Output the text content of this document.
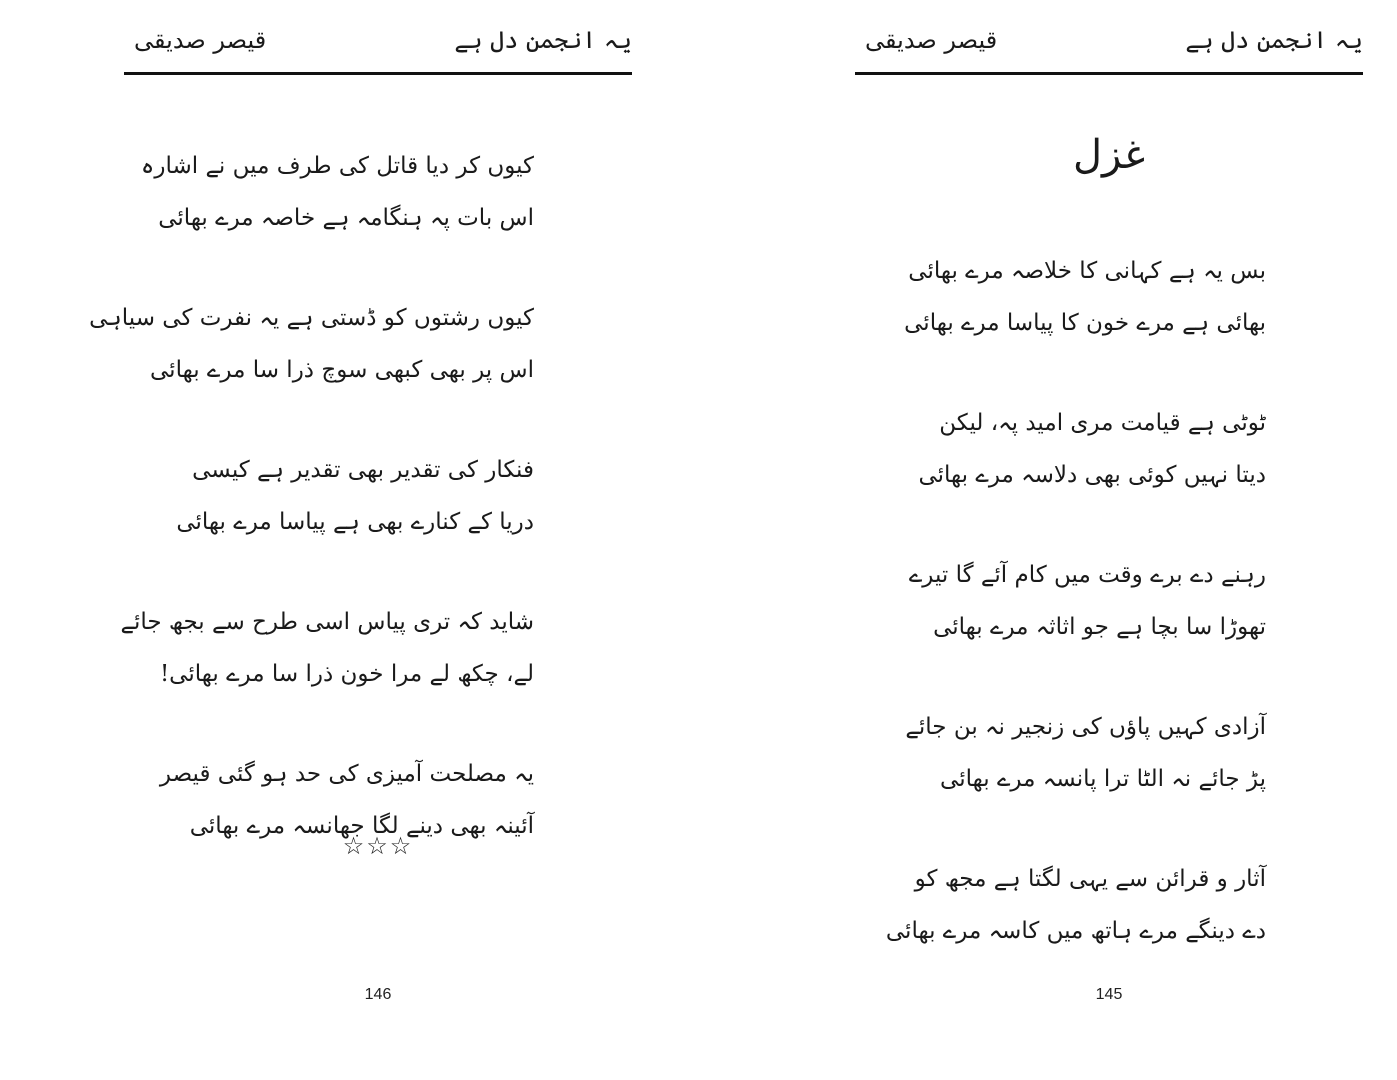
یہ انجمن دل ہے
قیصر صدیقی
کیوں کر دیا قاتل کی طرف میں نے اشارہ
اس بات پہ ہنگامہ ہے خاصہ مرے بھائی
کیوں رشتوں کو ڈستی ہے یہ نفرت کی سیاہی
اس پر بھی کبھی سوچ ذرا سا مرے بھائی
فنکار کی تقدیر بھی تقدیر ہے کیسی
دریا کے کنارے بھی ہے پیاسا مرے بھائی
شاید کہ تری پیاس اسی طرح سے بجھ جائے
لے، چکھ لے مرا خون ذرا سا مرے بھائی!
یہ مصلحت آمیزی کی حد ہو گئی قیصر
آئینہ بھی دینے لگا جھانسہ مرے بھائی
☆☆☆
146
یہ انجمن دل ہے
قیصر صدیقی
غزل
بس یہ ہے کہانی کا خلاصہ مرے بھائی
بھائی ہے مرے خون کا پیاسا مرے بھائی
ٹوٹی ہے قیامت مری امید پہ، لیکن
دیتا نہیں کوئی بھی دلاسہ مرے بھائی
رہنے دے برے وقت میں کام آئے گا تیرے
تھوڑا سا بچا ہے جو اثاثہ مرے بھائی
آزادی کہیں پاؤں کی زنجیر نہ بن جائے
پڑ جائے نہ الٹا ترا پانسہ مرے بھائی
آثار و قرائن سے یہی لگتا ہے مجھ کو
دے دینگے مرے ہاتھ میں کاسہ مرے بھائی
145
